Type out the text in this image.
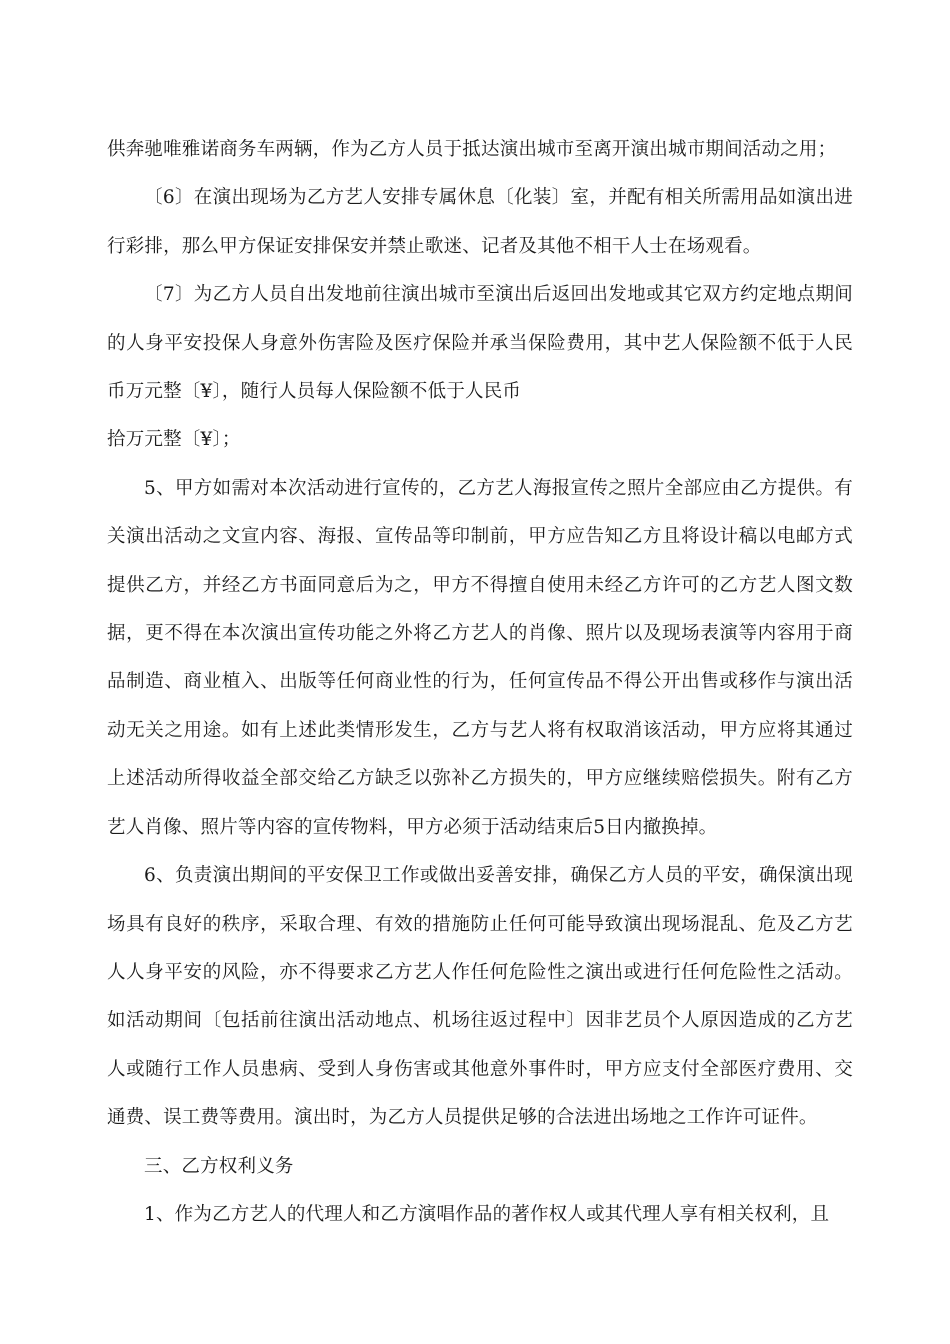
供奔驰唯雅诺商务车两辆，作为乙方人员于抵达演出城市至离开演出城市期间活动之用；

〔6〕在演出现场为乙方艺人安排专属休息〔化装〕室，并配有相关所需用品如演出进行彩排，那么甲方保证安排保安并禁止歌迷、记者及其他不相干人士在场观看。

〔7〕为乙方人员自出发地前往演出城市至演出后返回出发地或其它双方约定地点期间的人身平安投保人身意外伤害险及医疗保险并承当保险费用，其中艺人保险额不低于人民币万元整〔¥〕，随行人员每人保险额不低于人民币

拾万元整〔¥〕；

5、甲方如需对本次活动进行宣传的，乙方艺人海报宣传之照片全部应由乙方提供。有关演出活动之文宣内容、海报、宣传品等印制前，甲方应告知乙方且将设计稿以电邮方式提供乙方，并经乙方书面同意后为之，甲方不得擅自使用未经乙方许可的乙方艺人图文数据，更不得在本次演出宣传功能之外将乙方艺人的肖像、照片以及现场表演等内容用于商品制造、商业植入、出版等任何商业性的行为，任何宣传品不得公开出售或移作与演出活动无关之用途。如有上述此类情形发生，乙方与艺人将有权取消该活动，甲方应将其通过上述活动所得收益全部交给乙方缺乏以弥补乙方损失的，甲方应继续赔偿损失。附有乙方艺人肖像、照片等内容的宣传物料，甲方必须于活动结束后5日内撤换掉。

6、负责演出期间的平安保卫工作或做出妥善安排，确保乙方人员的平安，确保演出现场具有良好的秩序，采取合理、有效的措施防止任何可能导致演出现场混乱、危及乙方艺人人身平安的风险，亦不得要求乙方艺人作任何危险性之演出或进行任何危险性之活动。如活动期间〔包括前往演出活动地点、机场往返过程中〕因非艺员个人原因造成的乙方艺人或随行工作人员患病、受到人身伤害或其他意外事件时，甲方应支付全部医疗费用、交通费、误工费等费用。演出时，为乙方人员提供足够的合法进出场地之工作许可证件。

三、乙方权利义务

1、作为乙方艺人的代理人和乙方演唱作品的著作权人或其代理人享有相关权利，且
